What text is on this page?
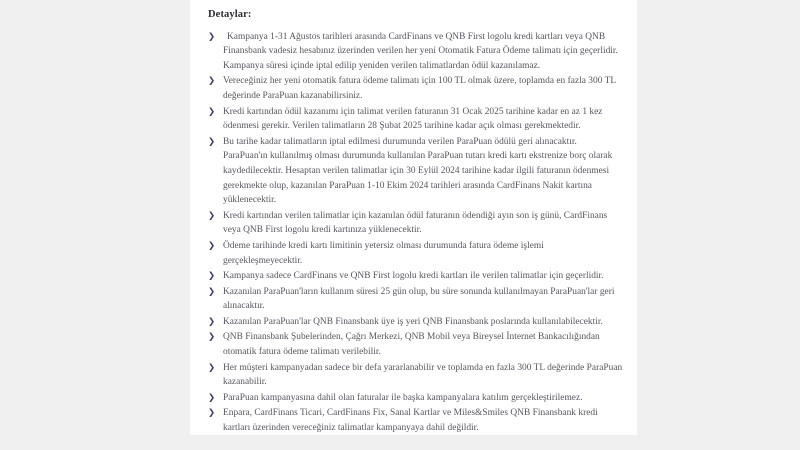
Detaylar:
❯	Kampanya 1-31 Ağustos tarihleri arasında CardFinans ve QNB First logolu kredi kartları veya QNB Finansbank vadesiz hesabınız üzerinden verilen her yeni Otomatik Fatura Ödeme talimatı için geçerlidir. Kampanya süresi içinde iptal edilip yeniden verilen talimatlardan ödül kazanılamaz.
❯ Vereceğiniz her yeni otomatik fatura ödeme talimatı için 100 TL olmak üzere, toplamda en fazla 300 TL değerinde ParaPuan kazanabilirsiniz.
❯ Kredi kartından ödül kazanımı için talimat verilen faturanın 31 Ocak 2025 tarihine kadar en az 1 kez ödenmesi gerekir. Verilen talimatların 28 Şubat 2025 tarihine kadar açık olması gerekmektedir.
❯ Bu tarihe kadar talimatların iptal edilmesi durumunda verilen ParaPuan ödülü geri alınacaktır. ParaPuan'ın kullanılmış olması durumunda kullanılan ParaPuan tutarı kredi kartı ekstrenize borç olarak kaydedilecektir. Hesaptan verilen talimatlar için 30 Eylül 2024 tarihine kadar ilgili faturanın ödenmesi gerekmekte olup, kazanılan ParaPuan 1-10 Ekim 2024 tarihleri arasında CardFinans Nakit kartına yüklenecektir.
❯ Kredi kartından verilen talimatlar için kazanılan ödül faturanın ödendiği ayın son iş günü, CardFinans veya QNB First logolu kredi kartınıza yüklenecektir.
❯ Ödeme tarihinde kredi kartı limitinin yetersiz olması durumunda fatura ödeme işlemi gerçekleşmeyecektir.
❯ Kampanya sadece CardFinans ve QNB First logolu kredi kartları ile verilen talimatlar için geçerlidir.
❯ Kazanılan ParaPuan'ların kullanım süresi 25 gün olup, bu süre sonunda kullanılmayan ParaPuan'lar geri alınacaktır.
❯ Kazanılan ParaPuan'lar QNB Finansbank üye iş yeri QNB Finansbank poslarında kullanılabilecektir.
❯ QNB Finansbank Şubelerinden, Çağrı Merkezi, QNB Mobil veya Bireysel İnternet Bankacılığından otomatik fatura ödeme talimatı verilebilir.
❯ Her müşteri kampanyadan sadece bir defa yararlanabilir ve toplamda en fazla 300 TL değerinde ParaPuan kazanabilir.
❯ ParaPuan kampanyasına dahil olan faturalar ile başka kampanyalara katılım gerçekleştirilemez.
❯ Enpara, CardFinans Ticari, CardFinans Fix, Sanal Kartlar ve Miles&Smiles QNB Finansbank kredi kartları üzerinden vereceğiniz talimatlar kampanyaya dahil değildir.
